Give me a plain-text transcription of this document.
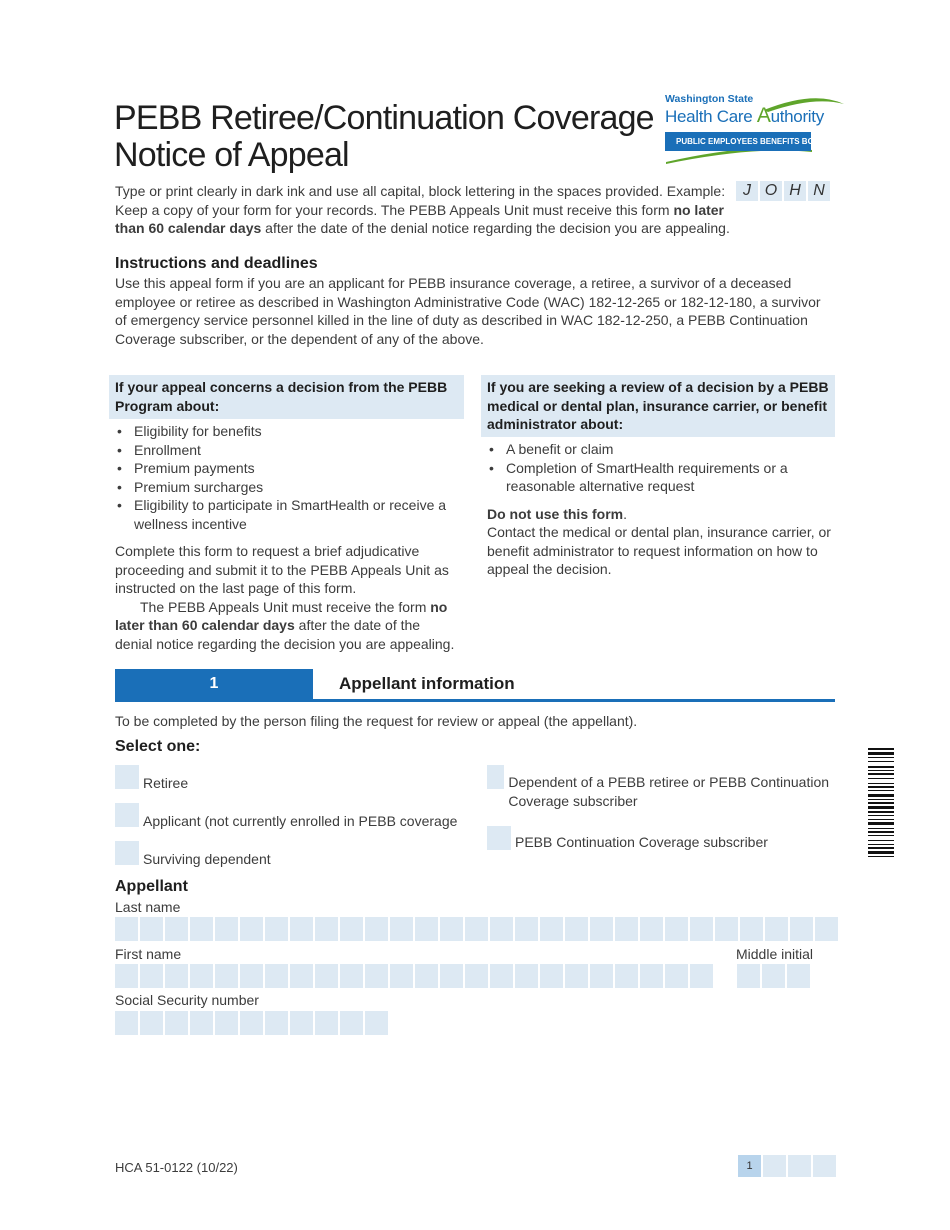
PEBB Retiree/Continuation Coverage
Notice of Appeal
Washington State
Health Care Authority
PUBLIC EMPLOYEES BENEFITS BOARD
Type or print clearly in dark ink and use all capital, block lettering in the spaces provided. Example:
Keep a copy of your form for your records. The PEBB Appeals Unit must receive this form no later than 60 calendar days after the date of the denial notice regarding the decision you are appealing.
J O H N
Instructions and deadlines
Use this appeal form if you are an applicant for PEBB insurance coverage, a retiree, a survivor of a deceased employee or retiree as described in Washington Administrative Code (WAC) 182-12-265 or 182-12-180, a survivor of emergency service personnel killed in the line of duty as described in WAC 182-12-250, a PEBB Continuation Coverage subscriber, or the dependent of any of the above.
If your appeal concerns a decision from the PEBB Program about:
• Eligibility for benefits
• Enrollment
• Premium payments
• Premium surcharges
• Eligibility to participate in SmartHealth or receive a wellness incentive
Complete this form to request a brief adjudicative proceeding and submit it to the PEBB Appeals Unit as instructed on the last page of this form.
The PEBB Appeals Unit must receive the form no later than 60 calendar days after the date of the denial notice regarding the decision you are appealing.
If you are seeking a review of a decision by a PEBB medical or dental plan, insurance carrier, or benefit administrator about:
• A benefit or claim
• Completion of SmartHealth requirements or a reasonable alternative request
Do not use this form.
Contact the medical or dental plan, insurance carrier, or benefit administrator to request information on how to appeal the decision.
1	Appellant information
To be completed by the person filing the request for review or appeal (the appellant).
Select one:
Retiree
Applicant (not currently enrolled in PEBB coverage
Surviving dependent
Dependent of a PEBB retiree or PEBB Continuation Coverage subscriber
PEBB Continuation Coverage subscriber
Appellant
Last name
First name	Middle initial
Social Security number
HCA 51-0122 (10/22)	1
